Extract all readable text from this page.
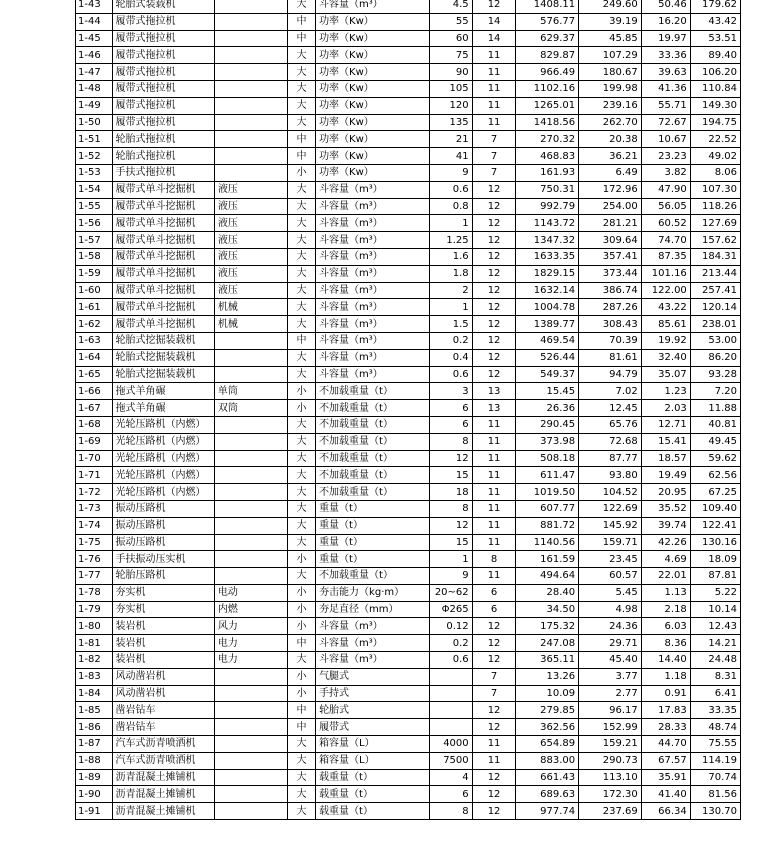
1-43	轮胎式装载机		大	斗容量（m³）	4.5	12	1408.11	249.60	50.46	179.62
1-44	履带式拖拉机		中	功率（Kw）	55	14	576.77	39.19	16.20	43.42
1-45	履带式拖拉机		中	功率（Kw）	60	14	629.37	45.85	19.97	53.51
1-46	履带式拖拉机		大	功率（Kw）	75	11	829.87	107.29	33.36	89.40
1-47	履带式拖拉机		大	功率（Kw）	90	11	966.49	180.67	39.63	106.20
1-48	履带式拖拉机		大	功率（Kw）	105	11	1102.16	199.98	41.36	110.84
1-49	履带式拖拉机		大	功率（Kw）	120	11	1265.01	239.16	55.71	149.30
1-50	履带式拖拉机		大	功率（Kw）	135	11	1418.56	262.70	72.67	194.75
1-51	轮胎式拖拉机		中	功率（Kw）	21	7	270.32	20.38	10.67	22.52
1-52	轮胎式拖拉机		中	功率（Kw）	41	7	468.83	36.21	23.23	49.02
1-53	手扶式拖拉机		小	功率（Kw）	9	7	161.93	6.49	3.82	8.06
1-54	履带式单斗挖掘机	液压	大	斗容量（m³）	0.6	12	750.31	172.96	47.90	107.30
1-55	履带式单斗挖掘机	液压	大	斗容量（m³）	0.8	12	992.79	254.00	56.05	118.26
1-56	履带式单斗挖掘机	液压	大	斗容量（m³）	1	12	1143.72	281.21	60.52	127.69
1-57	履带式单斗挖掘机	液压	大	斗容量（m³）	1.25	12	1347.32	309.64	74.70	157.62
1-58	履带式单斗挖掘机	液压	大	斗容量（m³）	1.6	12	1633.35	357.41	87.35	184.31
1-59	履带式单斗挖掘机	液压	大	斗容量（m³）	1.8	12	1829.15	373.44	101.16	213.44
1-60	履带式单斗挖掘机	液压	大	斗容量（m³）	2	12	1632.14	386.74	122.00	257.41
1-61	履带式单斗挖掘机	机械	大	斗容量（m³）	1	12	1004.78	287.26	43.22	120.14
1-62	履带式单斗挖掘机	机械	大	斗容量（m³）	1.5	12	1389.77	308.43	85.61	238.01
1-63	轮胎式挖掘装载机		中	斗容量（m³）	0.2	12	469.54	70.39	19.92	53.00
1-64	轮胎式挖掘装载机		大	斗容量（m³）	0.4	12	526.44	81.61	32.40	86.20
1-65	轮胎式挖掘装载机		大	斗容量（m³）	0.6	12	549.37	94.79	35.07	93.28
1-66	拖式羊角碾	单筒	小	不加载重量（t）	3	13	15.45	7.02	1.23	7.20
1-67	拖式羊角碾	双筒	小	不加载重量（t）	6	13	26.36	12.45	2.03	11.88
1-68	光轮压路机（内燃）		大	不加载重量（t）	6	11	290.45	65.76	12.71	40.81
1-69	光轮压路机（内燃）		大	不加载重量（t）	8	11	373.98	72.68	15.41	49.45
1-70	光轮压路机（内燃）		大	不加载重量（t）	12	11	508.18	87.77	18.57	59.62
1-71	光轮压路机（内燃）		大	不加载重量（t）	15	11	611.47	93.80	19.49	62.56
1-72	光轮压路机（内燃）		大	不加载重量（t）	18	11	1019.50	104.52	20.95	67.25
1-73	振动压路机		大	重量（t）	8	11	607.77	122.69	35.52	109.40
1-74	振动压路机		大	重量（t）	12	11	881.72	145.92	39.74	122.41
1-75	振动压路机		大	重量（t）	15	11	1140.56	159.71	42.26	130.16
1-76	手扶振动压实机		小	重量（t）	1	8	161.59	23.45	4.69	18.09
1-77	轮胎压路机		大	不加载重量（t）	9	11	494.64	60.57	22.01	87.81
1-78	夯实机	电动	小	夯击能力（kg·m）	20~62	6	28.40	5.45	1.13	5.22
1-79	夯实机	内燃	小	夯足直径（mm）	Φ265	6	34.50	4.98	2.18	10.14
1-80	装岩机	风力	小	斗容量（m³）	0.12	12	175.32	24.36	6.03	12.43
1-81	装岩机	电力	中	斗容量（m³）	0.2	12	247.08	29.71	8.36	14.21
1-82	装岩机	电力	大	斗容量（m³）	0.6	12	365.11	45.40	14.40	24.48
1-83	风动凿岩机		小	气腿式		7	13.26	3.77	1.18	8.31
1-84	风动凿岩机		小	手持式		7	10.09	2.77	0.91	6.41
1-85	凿岩钻车		中	轮胎式		12	279.85	96.17	17.83	33.35
1-86	凿岩钻车		中	履带式		12	362.56	152.99	28.33	48.74
1-87	汽车式沥青喷洒机		大	箱容量（L）	4000	11	654.89	159.21	44.70	75.55
1-88	汽车式沥青喷洒机		大	箱容量（L）	7500	11	883.00	290.73	67.57	114.19
1-89	沥青混凝土摊铺机		大	载重量（t）	4	12	661.43	113.10	35.91	70.74
1-90	沥青混凝土摊铺机		大	载重量（t）	6	12	689.63	172.30	41.40	81.56
1-91	沥青混凝土摊铺机		大	载重量（t）	8	12	977.74	237.69	66.34	130.70
